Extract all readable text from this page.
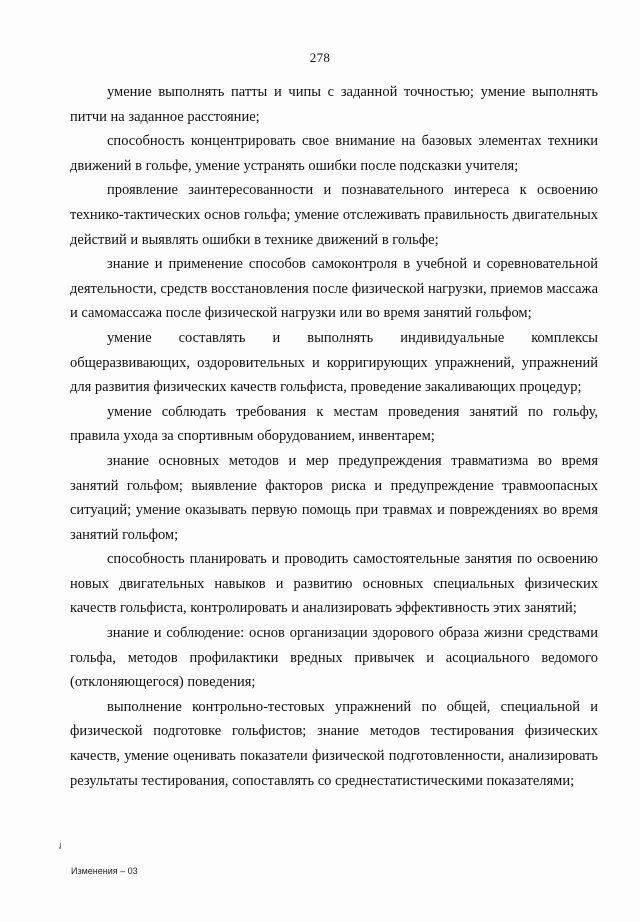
278

умение выполнять патты и чипы с заданной точностью; умение выполнять питчи на заданное расстояние;

способность концентрировать свое внимание на базовых элементах техники движений в гольфе, умение устранять ошибки после подсказки учителя;

проявление заинтересованности и познавательного интереса к освоению технико-тактических основ гольфа; умение отслеживать правильность двигательных действий и выявлять ошибки в технике движений в гольфе;

знание и применение способов самоконтроля в учебной и соревновательной деятельности, средств восстановления после физической нагрузки, приемов массажа и самомассажа после физической нагрузки или во время занятий гольфом;

умение составлять и выполнять индивидуальные комплексы общеразвивающих, оздоровительных и корригирующих упражнений, упражнений для развития физических качеств гольфиста, проведение закаливающих процедур;

умение соблюдать требования к местам проведения занятий по гольфу, правила ухода за спортивным оборудованием, инвентарем;

знание основных методов и мер предупреждения травматизма во время занятий гольфом; выявление факторов риска и предупреждение травмоопасных ситуаций; умение оказывать первую помощь при травмах и повреждениях во время занятий гольфом;

способность планировать и проводить самостоятельные занятия по освоению новых двигательных навыков и развитию основных специальных физических качеств гольфиста, контролировать и анализировать эффективность этих занятий;

знание и соблюдение: основ организации здорового образа жизни средствами гольфа, методов профилактики вредных привычек и асоциального ведомого (отклоняющегося) поведения;

выполнение контрольно-тестовых упражнений по общей, специальной и физической подготовке гольфистов; знание методов тестирования физических качеств, умение оценивать показатели физической подготовленности, анализировать результаты тестирования, сопоставлять со среднестатистическими показателями;

✓
Изменения – 03
